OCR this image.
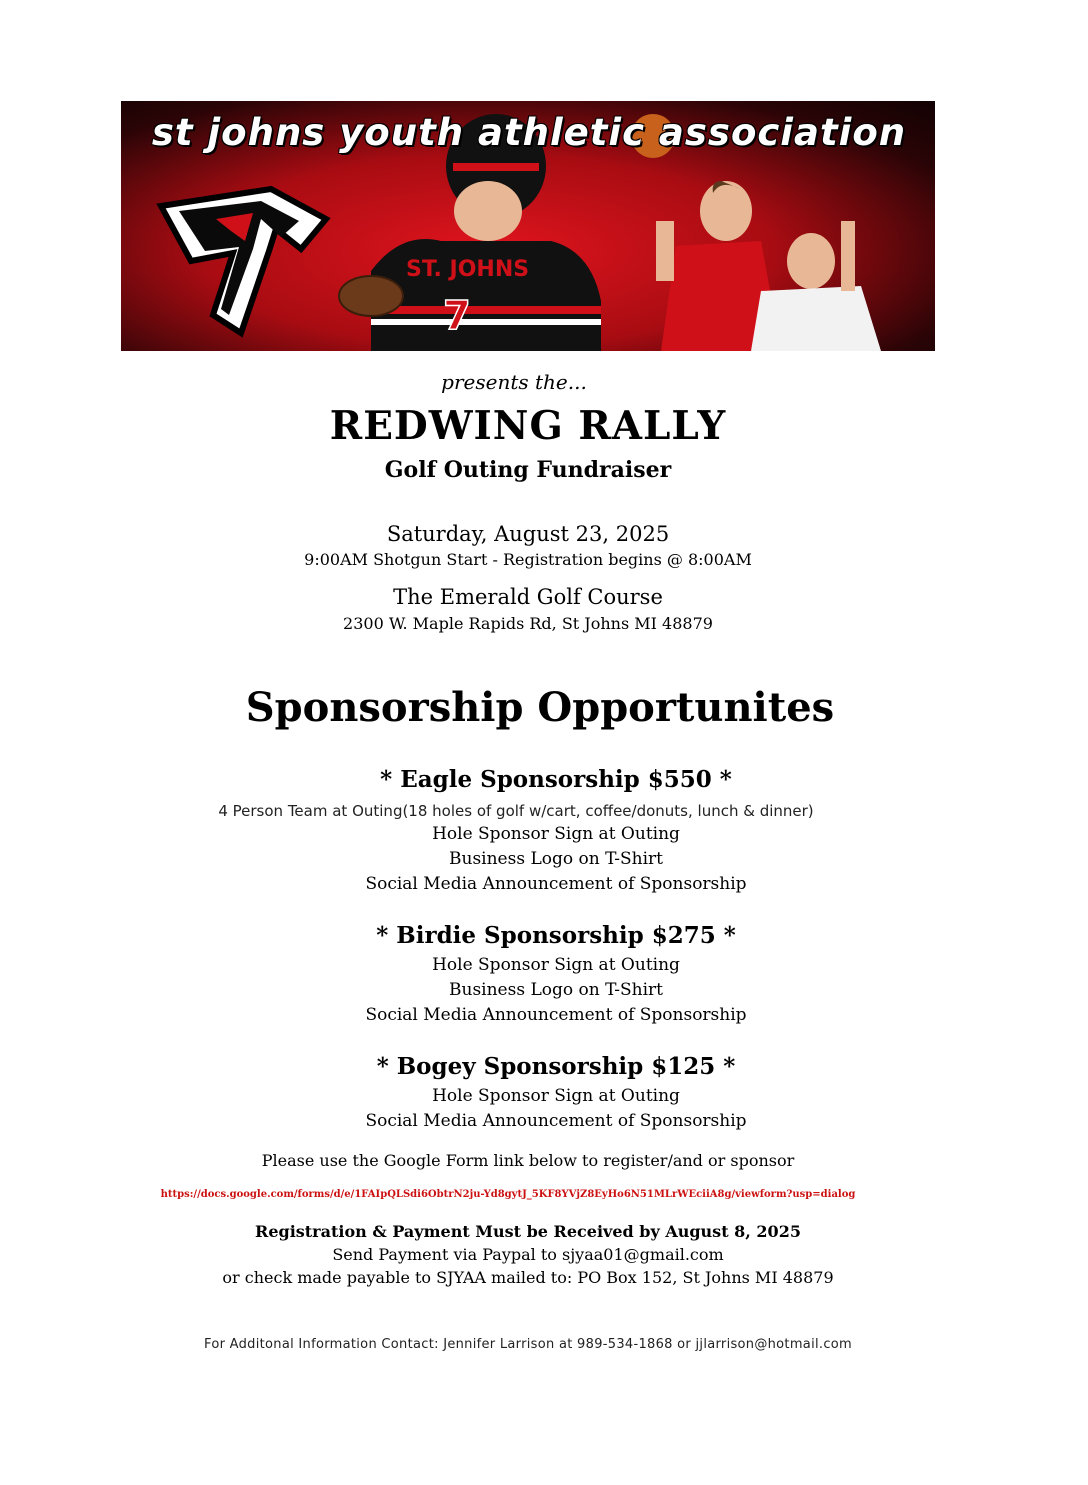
ST. JOHNS
7
st johns youth athletic association
presents the...
REDWING RALLY
Golf Outing Fundraiser
Saturday, August 23, 2025
9:00AM Shotgun Start - Registration begins @ 8:00AM
The Emerald Golf Course
2300 W. Maple Rapids Rd, St Johns MI 48879
Sponsorship Opportunites
* Eagle Sponsorship $550 *
4 Person Team at Outing(18 holes of golf w/cart, coffee/donuts, lunch & dinner)
Hole Sponsor Sign at Outing
Business Logo on T-Shirt
Social Media Announcement of Sponsorship
* Birdie Sponsorship $275 *
Hole Sponsor Sign at Outing
Business Logo on T-Shirt
Social Media Announcement of Sponsorship
* Bogey Sponsorship $125 *
Hole Sponsor Sign at Outing
Social Media Announcement of Sponsorship
Please use the Google Form link below to register/and or sponsor
https://docs.google.com/forms/d/e/1FAIpQLSdi6ObtrN2ju-Yd8gytJ_5KF8YVjZ8EyHo6N51MLrWEciiA8g/viewform?usp=dialog
Registration & Payment Must be Received by August 8, 2025
Send Payment via Paypal to sjyaa01@gmail.com
or check made payable to SJYAA mailed to: PO Box 152, St Johns MI 48879
For Additonal Information Contact: Jennifer Larrison at 989-534-1868 or jjlarrison@hotmail.com
